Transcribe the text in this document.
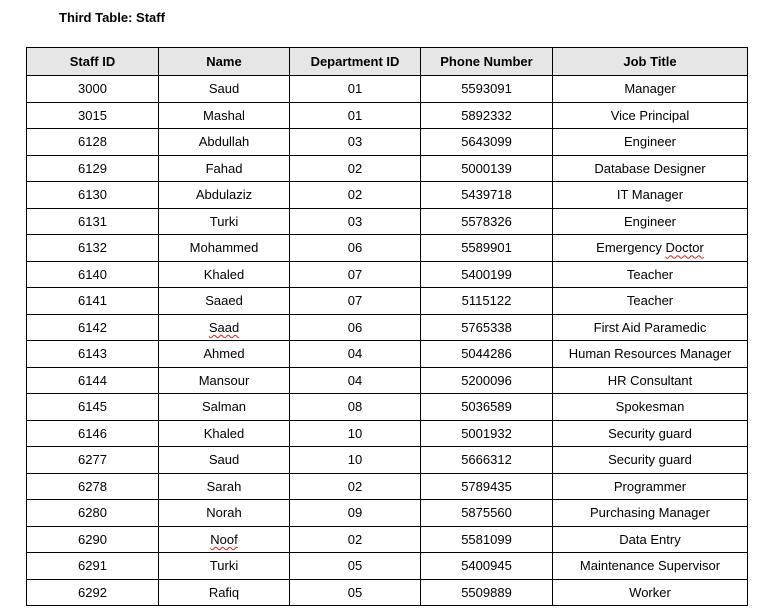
Third Table: Staff
Staff ID	Name	Department ID	Phone Number	Job Title
3000	Saud	01	5593091	Manager
3015	Mashal	01	5892332	Vice Principal
6128	Abdullah	03	5643099	Engineer
6129	Fahad	02	5000139	Database Designer
6130	Abdulaziz	02	5439718	IT Manager
6131	Turki	03	5578326	Engineer
6132	Mohammed	06	5589901	Emergency Doctor
6140	Khaled	07	5400199	Teacher
6141	Saaed	07	5115122	Teacher
6142	Saad	06	5765338	First Aid Paramedic
6143	Ahmed	04	5044286	Human Resources Manager
6144	Mansour	04	5200096	HR Consultant
6145	Salman	08	5036589	Spokesman
6146	Khaled	10	5001932	Security guard
6277	Saud	10	5666312	Security guard
6278	Sarah	02	5789435	Programmer
6280	Norah	09	5875560	Purchasing Manager
6290	Noof	02	5581099	Data Entry
6291	Turki	05	5400945	Maintenance Supervisor
6292	Rafiq	05	5509889	Worker
